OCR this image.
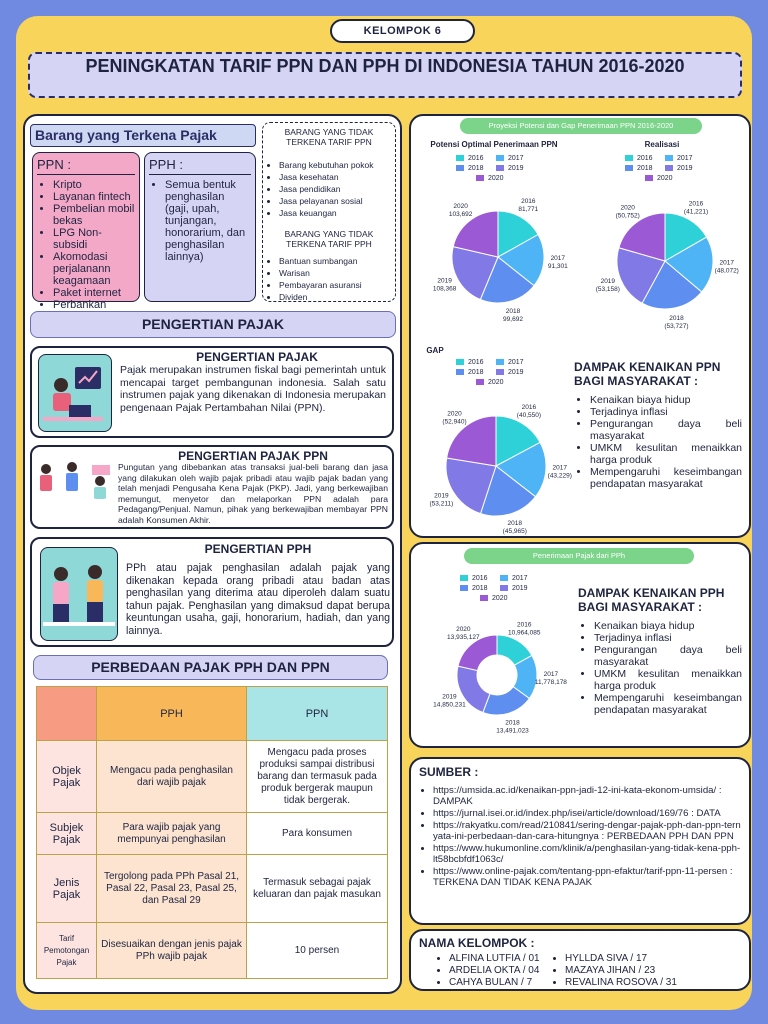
KELOMPOK 6
PENINGKATAN TARIF PPN DAN PPH DI INDONESIA TAHUN 2016-2020
Barang yang Terkena Pajak
PPN :
• Kripto
• Layanan fintech
• Pembelian mobil bekas
• LPG Non-subsidi
• Akomodasi perjalanann keagamaan
• Paket internet
• Perbankan
PPH :
• Semua bentuk penghasilan (gaji, upah, tunjangan, honorarium, dan penghasilan lainnya)
BARANG YANG TIDAK TERKENA TARIF PPN
• Barang kebutuhan pokok
• Jasa kesehatan
• Jasa pendidikan
• Jasa pelayanan sosial
• Jasa keuangan
BARANG YANG TIDAK TERKENA TARIF PPH
• Bantuan sumbangan
• Warisan
• Pembayaran asuransi
• Dividen
PENGERTIAN PAJAK
PENGERTIAN PAJAK
Pajak merupakan instrumen fiskal bagi pemerintah untuk mencapai target pembangunan indonesia. Salah satu instrumen pajak yang dikenakan di Indonesia merupakan pengenaan Pajak Pertambahan Nilai (PPN).
PENGERTIAN PAJAK PPN
Pungutan yang dibebankan atas transaksi jual-beli barang dan jasa yang dilakukan oleh wajib pajak pribadi atau wajib pajak badan yang telah menjadi Pengusaha Kena Pajak (PKP). Jadi, yang berkewajiban memungut, menyetor dan melaporkan PPN adalah para Pedagang/Penjual. Namun, pihak yang berkewajiban membayar PPN adalah Konsumen Akhir.
PENGERTIAN PPH
PPh atau pajak penghasilan adalah pajak yang dikenakan kepada orang pribadi atau badan atas penghasilan yang diterima atau diperoleh dalam suatu tahun pajak. Penghasilan yang dimaksud dapat berupa keuntungan usaha, gaji, honorarium, hadiah, dan yang lainnya.
PERBEDAAN PAJAK PPH DAN PPN
	PPH	PPN
Objek Pajak	Mengacu pada penghasilan dari wajib pajak	Mengacu pada proses produksi sampai distribusi barang dan termasuk pada produk bergerak maupun tidak bergerak.
Subjek Pajak	Para wajib pajak yang mempunyai penghasilan	Para konsumen
Jenis Pajak	Tergolong pada PPh Pasal 21, Pasal 22, Pasal 23, Pasal 25, dan Pasal 29	Termasuk sebagai pajak keluaran dan pajak masukan
Tarif Pemotongan Pajak	Disesuaikan dengan jenis pajak PPh wajib pajak	10 persen
Proyeksi Potensi dan Gap Penerimaan PPN 2016-2020
Potensi Optimal Penerimaan PPN	Realisasi
GAP
2016	2017
2018	2019
2020
2016	2017
2018	2019
2020
2016	2017
2018	2019
2020
2016
81,771
2017
91,301
2018
99,692
2019
108,368
2020
103,692
2016
(41,221)
2017
(48,072)
2018
(53,727)
2019
(53,158)
2020
(50,752)
2016
(40,550)
2017
(43,229)
2018
(45,965)
2019
(53,211)
2020
(52,940)
DAMPAK KENAIKAN PPN BAGI MASYARAKAT :
• Kenaikan biaya hidup
• Terjadinya inflasi
• Pengurangan daya beli masyarakat
• UMKM kesulitan menaikkan harga produk
• Mempengaruhi keseimbangan pendapatan masyarakat
Penerimaan Pajak dari PPh
2016	2017
2018	2019
2020
2016
10,964,085
2017
11,778,178
2018
13,491,023
2019
14,850,231
2020
13,935,127
DAMPAK KENAIKAN PPH BAGI MASYARAKAT :
• Kenaikan biaya hidup
• Terjadinya inflasi
• Pengurangan daya beli masyarakat
• UMKM kesulitan menaikkan harga produk
• Mempengaruhi keseimbangan pendapatan masyarakat
SUMBER :
• https://umsida.ac.id/kenaikan-ppn-jadi-12-ini-kata-ekonom-umsida/ : DAMPAK
• https://jurnal.isei.or.id/index.php/isei/article/download/169/76 : DATA
• https://rakyatku.com/read/210841/sering-dengar-pajak-pph-dan-ppn-ternyata-ini-perbedaan-dan-cara-hitungnya : PERBEDAAN PPH DAN PPN
• https://www.hukumonline.com/klinik/a/penghasilan-yang-tidak-kena-pph-lt58bcbfdf1063c/
• https://www.online-pajak.com/tentang-ppn-efaktur/tarif-ppn-11-persen : TERKENA DAN TIDAK KENA PAJAK
NAMA KELOMPOK :
• ALFINA LUTFIA / 01
• ARDELIA OKTA / 04
• CAHYA BULAN / 7
• HYLLDA SIVA / 17
• MAZAYA JIHAN / 23
• REVALINA ROSOVA / 31
